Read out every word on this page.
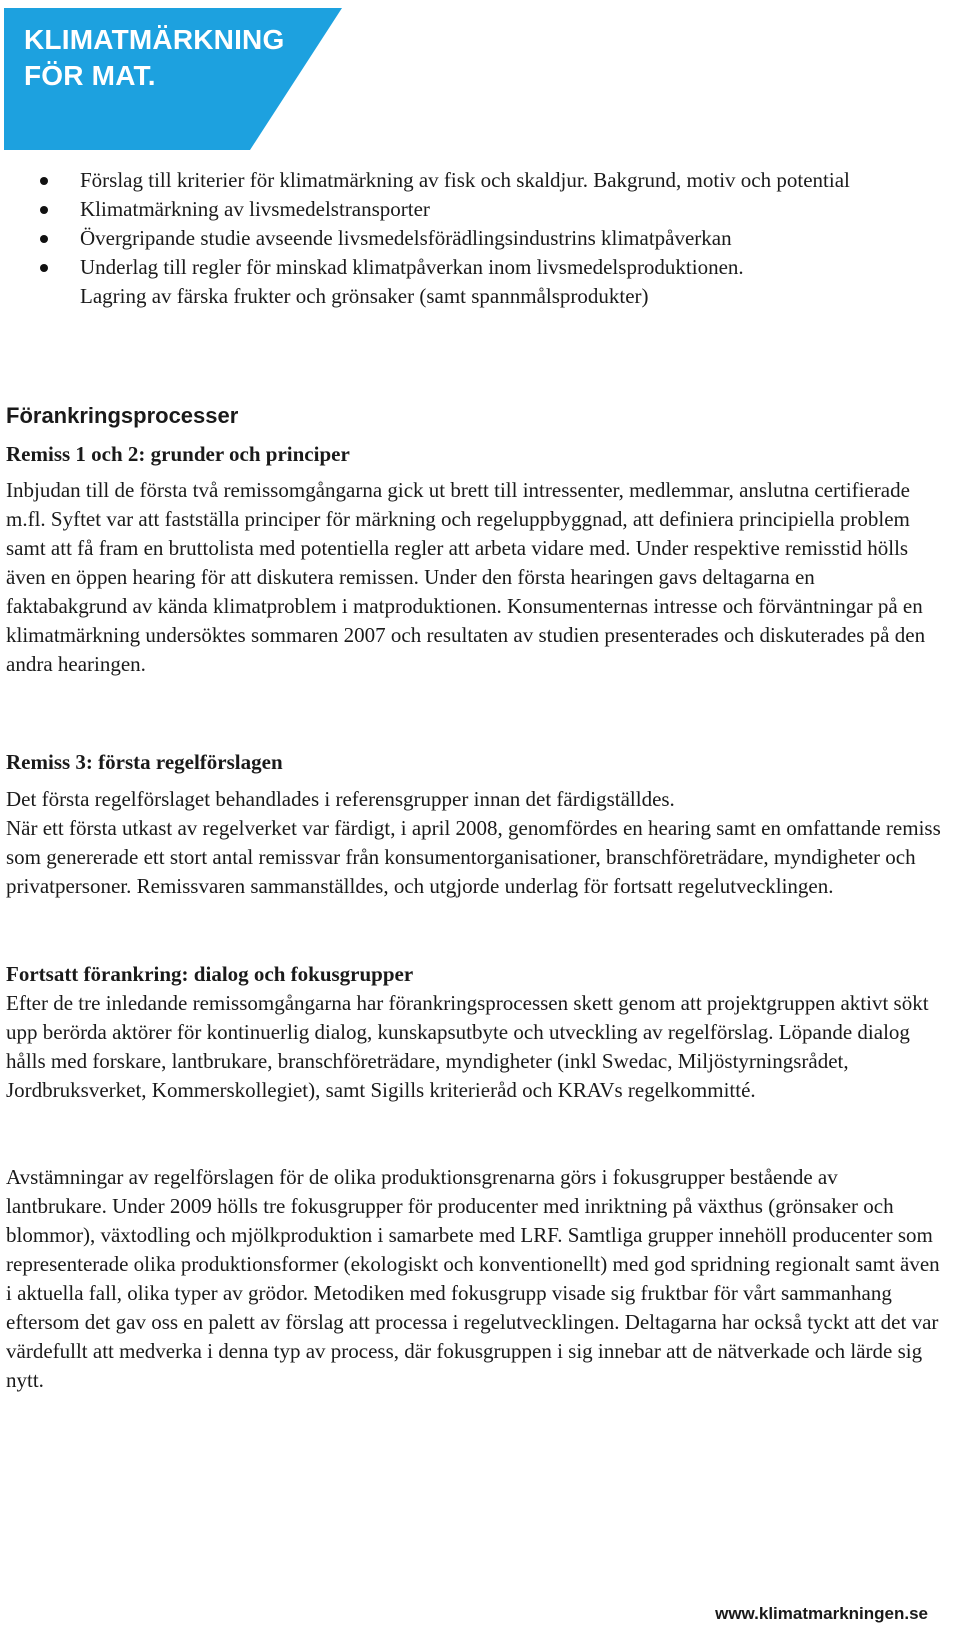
KLIMATMÄRKNING
FÖR MAT.
Förslag till kriterier för klimatmärkning av fisk och skaldjur. Bakgrund, motiv och potential
Klimatmärkning av livsmedelstransporter
Övergripande studie avseende livsmedelsförädlingsindustrins klimatpåverkan
Underlag till regler för minskad klimatpåverkan inom livsmedelsproduktionen.
Lagring av färska frukter och grönsaker (samt spannmålsprodukter)
Förankringsprocesser
Remiss 1 och 2: grunder och principer

Inbjudan till de första två remissomgångarna gick ut brett till intressenter, medlemmar, anslutna certifierade m.fl. Syftet var att fastställa principer för märkning och regeluppbyggnad, att definiera principiella problem samt att få fram en bruttolista med potentiella regler att arbeta vidare med. Under respektive remisstid hölls även en öppen hearing för att diskutera remissen. Under den första hearingen gavs deltagarna en faktabakgrund av kända klimatproblem i matproduktionen. Konsumenternas intresse och förväntningar på en klimatmärkning undersöktes sommaren 2007 och resultaten av studien presenterades och diskuterades på den andra hearingen.

Remiss 3: första regelförslagen

Det första regelförslaget behandlades i referensgrupper innan det färdigställdes.

När ett första utkast av regelverket var färdigt, i april 2008, genomfördes en hearing samt en omfattande remiss som genererade ett stort antal remissvar från konsumentorganisationer, branschföreträdare, myndigheter och privatpersoner. Remissvaren sammanställdes, och utgjorde underlag för fortsatt regelutvecklingen.

Fortsatt förankring: dialog och fokusgrupper

Efter de tre inledande remissomgångarna har förankringsprocessen skett genom att projektgruppen aktivt sökt upp berörda aktörer för kontinuerlig dialog, kunskapsutbyte och utveckling av regelförslag. Löpande dialog hålls med forskare, lantbrukare, branschföreträdare, myndigheter (inkl Swedac, Miljöstyrningsrådet, Jordbruksverket, Kommerskollegiet), samt Sigills kriterieråd och KRAVs regelkommitté.

Avstämningar av regelförslagen för de olika produktionsgrenarna görs i fokusgrupper bestående av lantbrukare. Under 2009 hölls tre fokusgrupper för producenter med inriktning på växthus (grönsaker och blommor), växtodling och mjölkproduktion i samarbete med LRF. Samtliga grupper innehöll producenter som representerade olika produktionsformer (ekologiskt och konventionellt) med god spridning regionalt samt även i aktuella fall, olika typer av grödor. Metodiken med fokusgrupp visade sig fruktbar för vårt sammanhang eftersom det gav oss en palett av förslag att processa i regelutvecklingen. Deltagarna har också tyckt att det var värdefullt att medverka i denna typ av process, där fokusgruppen i sig innebar att de nätverkade och lärde sig nytt.

www.klimatmarkningen.se
